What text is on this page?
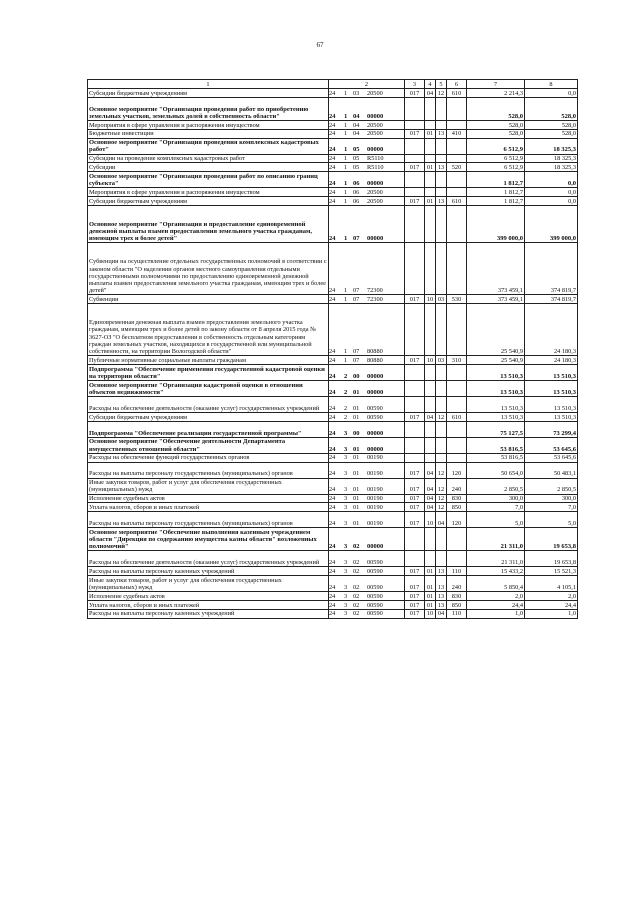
67
1	2	3	4	5	6	7	8
Субсидии бюджетным учреждениям	24 1 03 20500	017	04	12	610	2 214,3	0,0
Основное мероприятие "Организация проведения работ по приобретению земельных участков, земельных долей в собственность области"	24 1 04 00000					528,0	528,0
Мероприятия в сфере управления и распоряжения имуществом	24 1 04 20500					528,0	528,0
Бюджетные инвестиции	24 1 04 20500	017	01	13	410	528,0	528,0
Основное мероприятие "Организация проведения комплексных кадастровых работ"	24 1 05 00000					6 512,9	18 325,3
Субсидии на проведение комплексных кадастровых работ	24 1 05 R5110					6 512,9	18 325,3
Субсидии	24 1 05 R5110	017	01	13	520	6 512,9	18 325,3
Основное мероприятие "Организация проведения работ по описанию границ субъекта"	24 1 06 00000					1 812,7	0,0
Мероприятия в сфере управления и распоряжения имуществом	24 1 06 20500					1 812,7	0,0
Субсидии бюджетным учреждениям	24 1 06 20500	017	01	13	610	1 812,7	0,0
Основное мероприятие "Организация и предоставление единовременной денежной выплаты взамен предоставления земельного участка гражданам, имеющим трех и более детей"	24 1 07 00000					399 000,0	399 000,0
Субвенции на осуществление отдельных государственных полномочий в соответствии с законом области "О наделении органов местного самоуправления отдельными государственными полномочиями по предоставлению единовременной денежной выплаты взамен предоставления земельного участка гражданам, имеющим трех и более детей"	24 1 07 72300					373 459,1	374 819,7
Субвенции	24 1 07 72300	017	10	03	530	373 459,1	374 819,7
Единовременная денежная выплата взамен предоставления земельного участка гражданам, имеющим трех и более детей по закону области от 8 апреля 2015 года № 3627-ОЗ "О бесплатном предоставлении в собственность отдельным категориям граждан земельных участков, находящихся в государственной или муниципальной собственности, на территории Вологодской области"	24 1 07 80880					25 540,9	24 180,3
Публичные нормативные социальные выплаты гражданам	24 1 07 80880	017	10	03	310	25 540,9	24 180,3
Подпрограмма "Обеспечение применения государственной кадастровой оценки на территории области"	24 2 00 00000					13 510,3	13 510,3
Основное мероприятие "Организация кадастровой оценки в отношении объектов недвижимости"	24 2 01 00000					13 510,3	13 510,3
Расходы на обеспечение деятельности (оказание услуг) государственных учреждений	24 2 01 00590					13 510,3	13 510,3
Субсидии бюджетным учреждениям	24 2 01 00590	017	04	12	610	13 510,3	13 510,3
Подпрограмма "Обеспечение реализации государственной программы"	24 3 00 00000					75 127,5	73 299,4
Основное мероприятие "Обеспечение деятельности Департамента имущественных отношений области"	24 3 01 00000					53 816,5	53 645,6
Расходы на обеспечение функций государственных органов	24 3 01 00190					53 816,5	53 645,6
Расходы на выплаты персоналу государственных (муниципальных) органов	24 3 01 00190	017	04	12	120	50 654,0	50 483,1
Иные закупки товаров, работ и услуг для обеспечения государственных (муниципальных) нужд	24 3 01 00190	017	04	12	240	2 850,5	2 850,5
Исполнение судебных актов	24 3 01 00190	017	04	12	830	300,0	300,0
Уплата налогов, сборов и иных платежей	24 3 01 00190	017	04	12	850	7,0	7,0
Расходы на выплаты персоналу государственных (муниципальных) органов	24 3 01 00190	017	10	04	120	5,0	5,0
Основное мероприятие "Обеспечение выполнения казенным учреждением области "Дирекция по содержанию имущества казны области" возложенных полномочий"	24 3 02 00000					21 311,0	19 653,8
Расходы на обеспечение деятельности (оказание услуг) государственных учреждений	24 3 02 00590					21 311,0	19 653,8
Расходы на выплаты персоналу казенных учреждений	24 3 02 00590	017	01	13	110	15 433,2	15 521,3
Иные закупки товаров, работ и услуг для обеспечения государственных (муниципальных) нужд	24 3 02 00590	017	01	13	240	5 850,4	4 105,1
Исполнение судебных актов	24 3 02 00590	017	01	13	830	2,0	2,0
Уплата налогов, сборов и иных платежей	24 3 02 00590	017	01	13	850	24,4	24,4
Расходы на выплаты персоналу казенных учреждений	24 3 02 00590	017	10	04	110	1,0	1,0
